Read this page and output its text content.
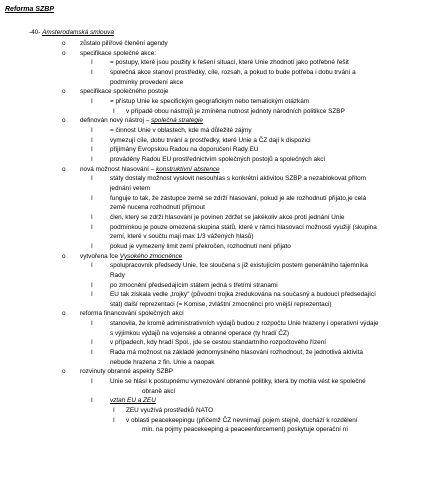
Reforma SZBP
-40- Amsterodamská smlouva
o zůstalo pilířové členění agendy
o specifikace společné akce:
I	= postupy, které jsou použity k řešení situací, které Unie zhodnotí jako potřebné řešit
I	společná akce stanoví prostředky, cíle, rozsah, a pokud to bude potřeba i dobu trvání a
podmínky provedení akce
o specifikace společného postoje
I	= přístup Unie ke specifickým geografickým nebo tematickým otázkám
I v případě obou nástrojů je zmíněna nutnost jednoty národních politikce SZBP
o definován nový nástroj – společná strategie
I	= činnost Unie v oblastech, kde má důležité zájmy
I	vymezují cíle, dobu trvání a prostředky, které Unie a ČZ dají k dispozici
I	přijímány Evropskou Radou na doporučení Rady EU
I	prováděny Radou EU prostřednictvím společných postojů a společných akcí
o nová možnost hlasování – konstruktivní abstence
I	státy dostaly možnost vyslovit nesouhlas s konkrétní aktivitou SZBP a nezablokovat přitom
jednání vetem
I	funguje to tak, že zástupce země se zdrží hlasování, pokud je ale rozhodnutí přijato,je celá
země nucena rozhodnutí přijmout
I	člen, který se zdrží hlasování je povinen zdržet se jakékoliv akce proti jednání Unie
I	podmínkou je pouze omezená skupina států, které v rámci hlasovací možnosti využijí (skupina
zemí, které v součtu mají max 1/3 vážených hlasů)
I	pokud je vymezený limit zemí překročen, rozhodnutí není přijato
o vytvořena fce Vysokého zmocněnce
I	spolupracovník předsedy Unie, fce sloučena s již existujícím postem generálního tajemníka
Rady
I	po zmocnění předsedajícím státem jedná s třetími stranami
I	EU tak získala vedle „trojky" (původní trojka zredukována na současný a budoucí předsedající
stát) další reprezentaci (= Komise, zvláštní zmocněnci pro vnější reprezentaci)
o reforma financování společných akcí
I	stanovila, že kromě administrativních výdajů budou z rozpočtu Unie hrazeny i operativní výdaje
s výjimkou výdajů na vojenské a obranné operace (ty hradí ČZ)
I	v případech, kdy hradí Spol., jde se cestou standartního rozpočtového řízení
I	Rada má možnost na základě jednomyslného hlasování rozhodnout, že jednotlivá aktivita
nebude hrazena z fin. Unie a naopak
o rozvinuty obranné aspekty SZBP
I	Unie se hlásí k postupnému vymezování obranné politiky, která by mohla vést ke společné
obraně akcí
I	vztah EU a ZEU
I ZEU využívá prostředků NATO
I v oblasti peacekeepingu (přičemž ČZ nevnímají pojem stejně, dochází k rozdělení
min. na pojmy peacekeeping a peaceenforcement) poskytuje operační ní
